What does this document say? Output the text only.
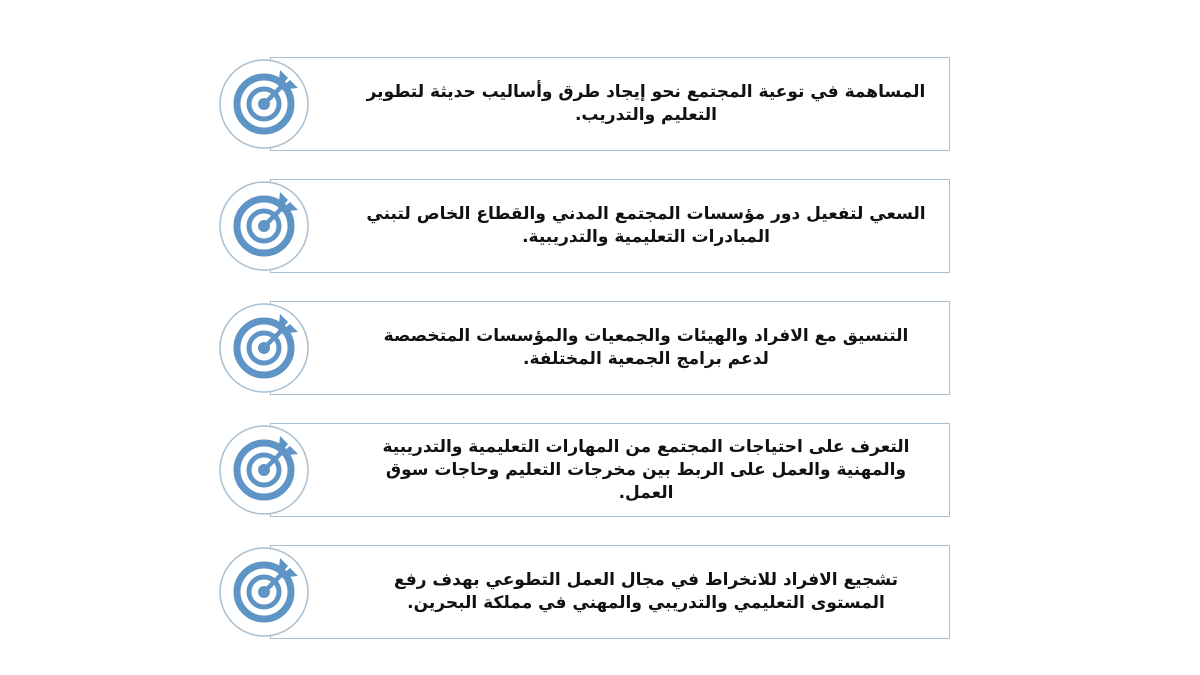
المساهمة في توعية المجتمع نحو إيجاد طرق وأساليب حديثة لتطوير التعليم والتدريب.
السعي لتفعيل دور مؤسسات المجتمع المدني والقطاع الخاص لتبني المبادرات التعليمية والتدريبية.
التنسيق مع الافراد والهيئات والجمعيات والمؤسسات المتخصصة لدعم برامج الجمعية المختلفة.
التعرف على احتياجات المجتمع من المهارات التعليمية والتدريبية والمهنية والعمل على الربط بين مخرجات التعليم وحاجات سوق العمل.
تشجيع الافراد للانخراط في مجال العمل التطوعي بهدف رفع المستوى التعليمي والتدريبي والمهني في مملكة البحرين.
